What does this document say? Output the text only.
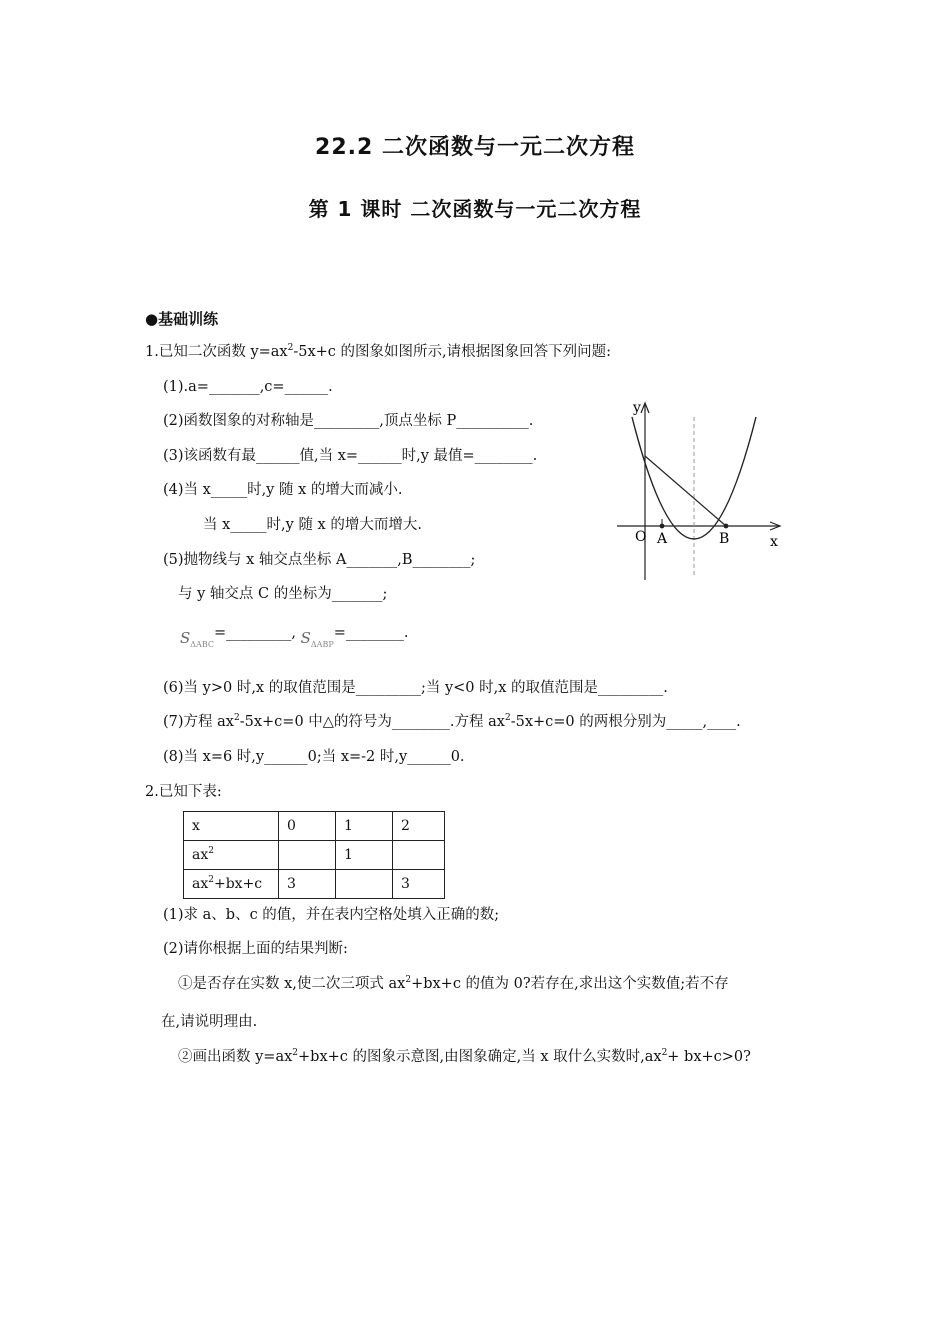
22.2 二次函数与一元二次方程
第 1 课时 二次函数与一元二次方程
●基础训练
1.已知二次函数 $y=ax^2-5x+c$ 的图象如图所示,请根据图象回答下列问题:
(1).a=_______,c=______.
(2)函数图象的对称轴是_________,顶点坐标 P__________.
(3)该函数有最______值,当 x=______时,y 最值=________.
(4)当 x_____时,y 随 x 的增大而减小.
当 x_____时,y 随 x 的增大而增大.
(5)抛物线与 x 轴交点坐标 A_______,B________;
与 y 轴交点 C 的坐标为_______;
$S_{\Delta ABC}=\_\_\_\_\_\_\_\_\_$, $S_{\Delta ABP}=\_\_\_\_\_\_\_\_$.
(6)当 y>0 时,x 的取值范围是_________;当 y<0 时,x 的取值范围是_________.
(7)方程 $ax^2-5x+c=0$ 中△的符号为________.方程 $ax^2-5x+c=0$ 的两根分别为_____,____.
(8)当 x=6 时,y______0;当 x=-2 时,y______0.
y
x
O A	B
2.已知下表:
x	0	1	2
$ax^2$		1	
$ax^2+bx+c$	3		3
(1)求 a、b、c 的值，并在表内空格处填入正确的数;
(2)请你根据上面的结果判断:
①是否存在实数 x,使二次三项式 $ax^2+bx+c$ 的值为 0?若存在,求出这个实数值;若不存
在,请说明理由.
②画出函数 $y=ax^2+bx+c$ 的图象示意图,由图象确定,当 x 取什么实数时$,ax^2+ bx+c>0$?
